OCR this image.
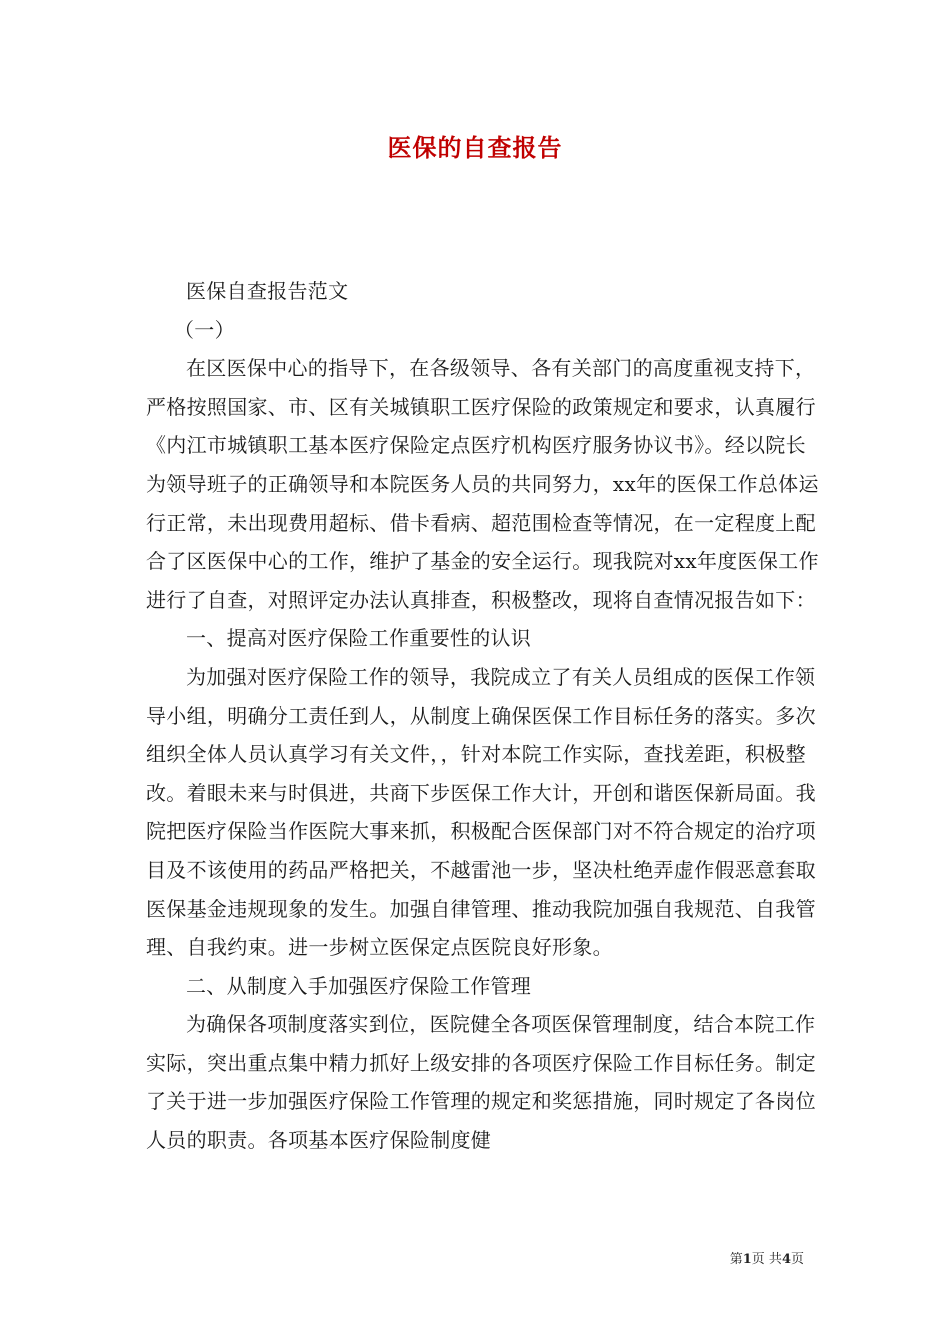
医保的自查报告

医保自查报告范文

（一）

在区医保中心的指导下，在各级领导、各有关部门的高度重视支持下，严格按照国家、市、区有关城镇职工医疗保险的政策规定和要求，认真履行《内江市城镇职工基本医疗保险定点医疗机构医疗服务协议书》。经以院长为领导班子的正确领导和本院医务人员的共同努力，xx年的医保工作总体运行正常，未出现费用超标、借卡看病、超范围检查等情况，在一定程度上配合了区医保中心的工作，维护了基金的安全运行。现我院对xx年度医保工作进行了自查，对照评定办法认真排查，积极整改，现将自查情况报告如下：

一、提高对医疗保险工作重要性的认识

为加强对医疗保险工作的领导，我院成立了有关人员组成的医保工作领导小组，明确分工责任到人，从制度上确保医保工作目标任务的落实。多次组织全体人员认真学习有关文件，，针对本院工作实际，查找差距，积极整改。着眼未来与时俱进，共商下步医保工作大计，开创和谐医保新局面。我院把医疗保险当作医院大事来抓，积极配合医保部门对不符合规定的治疗项目及不该使用的药品严格把关，不越雷池一步，坚决杜绝弄虚作假恶意套取医保基金违规现象的发生。加强自律管理、推动我院加强自我规范、自我管理、自我约束。进一步树立医保定点医院良好形象。

二、从制度入手加强医疗保险工作管理

为确保各项制度落实到位，医院健全各项医保管理制度，结合本院工作实际，突出重点集中精力抓好上级安排的各项医疗保险工作目标任务。制定了关于进一步加强医疗保险工作管理的规定和奖惩措施，同时规定了各岗位人员的职责。各项基本医疗保险制度健

第1页 共4页
